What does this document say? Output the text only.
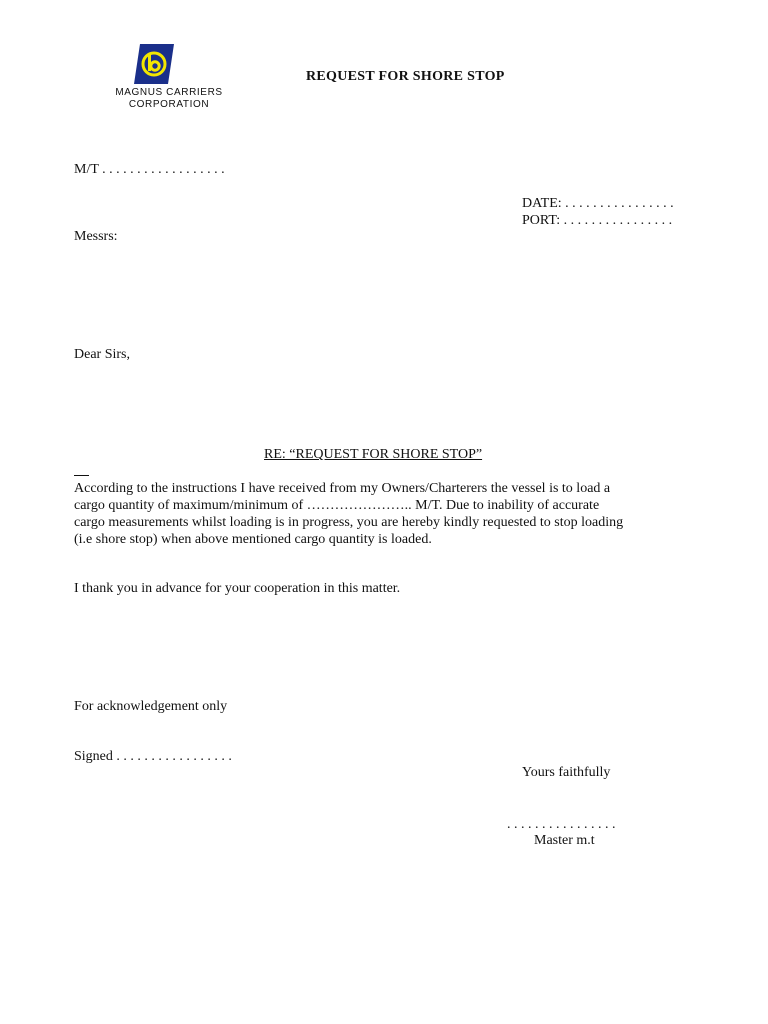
MAGNUS CARRIERS
CORPORATION
REQUEST FOR SHORE STOP
M/T . . . . . . . . . . . . . . . . . .
DATE: . . . . . . . . . . . . . . . .
PORT: . . . . . . . . . . . . . . . .
Messrs:
Dear Sirs,
RE: “REQUEST FOR SHORE STOP”
According to the instructions I have received from my Owners/Charterers the vessel is to load a
cargo quantity of maximum/minimum of ………………….. M/T. Due to inability of accurate
cargo measurements whilst loading is in progress, you are hereby kindly requested to stop loading
(i.e shore stop) when above mentioned cargo quantity is loaded.
I thank you in advance for your cooperation in this matter.
For acknowledgement only
Signed . . . . . . . . . . . . . . . . .
Yours faithfully
. . . . . . . . . . . . . . . .
Master m.t
